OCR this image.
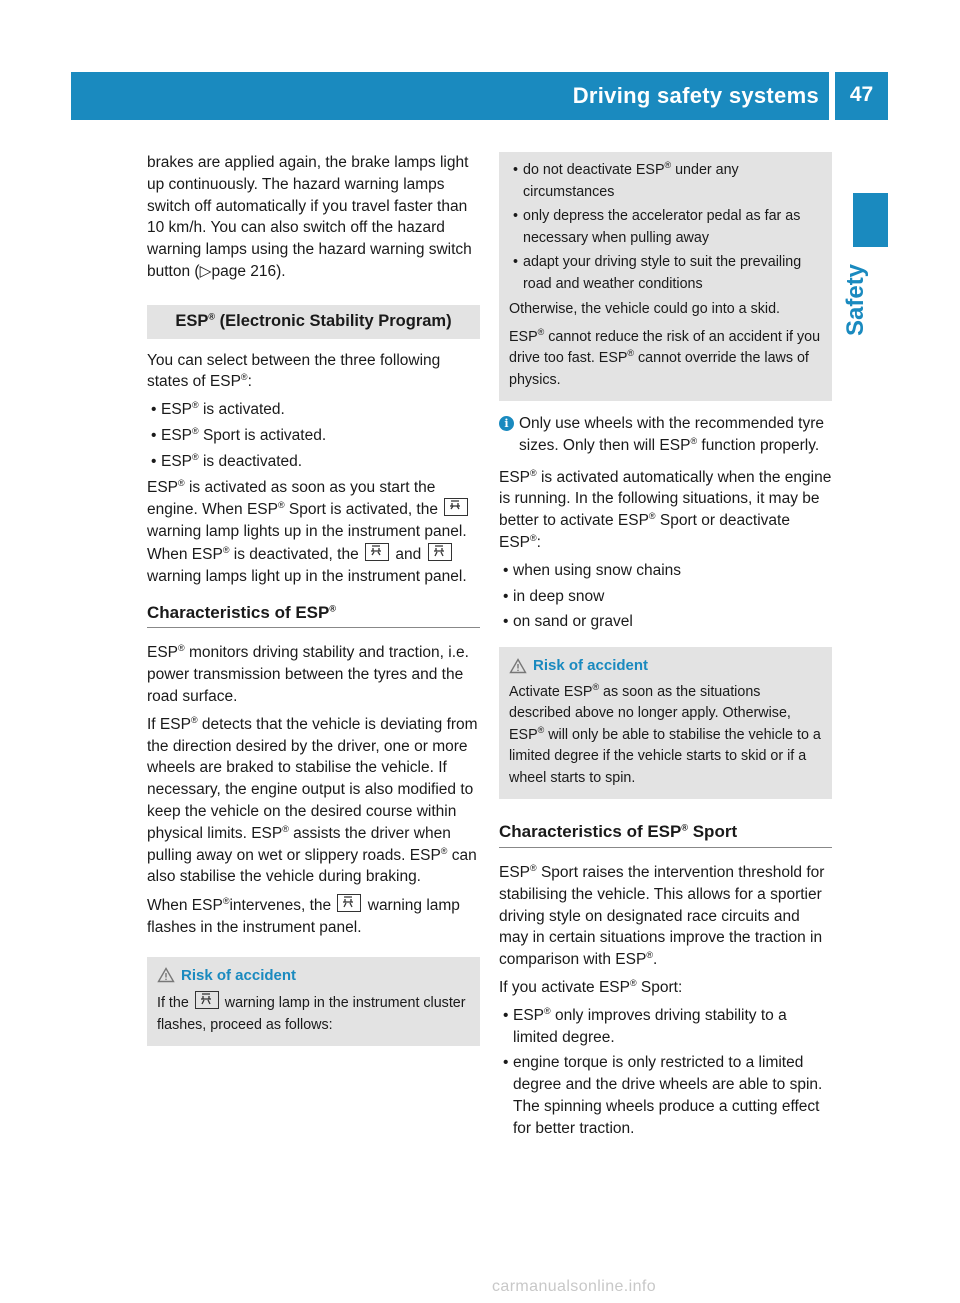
Driving safety systems	47
Safety

brakes are applied again, the brake lamps light up continuously. The hazard warning lamps switch off automatically if you travel faster than 10 km/h. You can also switch off the hazard warning lamps using the hazard warning switch button (▷page 216).

ESP® (Electronic Stability Program)

You can select between the three following states of ESP®:

• ESP® is activated.
• ESP® Sport is activated.
• ESP® is deactivated.

ESP® is activated as soon as you start the engine. When ESP® Sport is activated, the
warning lamp lights up in the instrument panel. When ESP® is deactivated, the
and
warning lamps light up in the instrument panel.

Characteristics of ESP®

ESP® monitors driving stability and traction, i.e. power transmission between the tyres and the road surface.

If ESP® detects that the vehicle is deviating from the direction desired by the driver, one or more wheels are braked to stabilise the vehicle. If necessary, the engine output is also modified to keep the vehicle on the desired course within physical limits. ESP® assists the driver when pulling away on wet or slippery roads. ESP® can also stabilise the vehicle during braking.

When ESP®intervenes, the
warning lamp flashes in the instrument panel.

Risk of accident
If the
warning lamp in the instrument cluster flashes, proceed as follows:
• do not deactivate ESP® under any circumstances
• only depress the accelerator pedal as far as necessary when pulling away
• adapt your driving style to suit the prevailing road and weather conditions

Otherwise, the vehicle could go into a skid.

ESP® cannot reduce the risk of an accident if you drive too fast. ESP® cannot override the laws of physics.

i Only use wheels with the recommended tyre sizes. Only then will ESP® function properly.

ESP® is activated automatically when the engine is running. In the following situations, it may be better to activate ESP® Sport or deactivate ESP®:

• when using snow chains
• in deep snow
• on sand or gravel
Risk of accident
Activate ESP® as soon as the situations described above no longer apply. Otherwise, ESP® will only be able to stabilise the vehicle to a limited degree if the vehicle starts to skid or if a wheel starts to spin.
Characteristics of ESP® Sport

ESP® Sport raises the intervention threshold for stabilising the vehicle. This allows for a sportier driving style on designated race circuits and may in certain situations improve the traction in comparison with ESP®.

If you activate ESP® Sport:

• ESP® only improves driving stability to a limited degree.
• engine torque is only restricted to a limited degree and the drive wheels are able to spin. The spinning wheels produce a cutting effect for better traction.
carmanualsonline.info
